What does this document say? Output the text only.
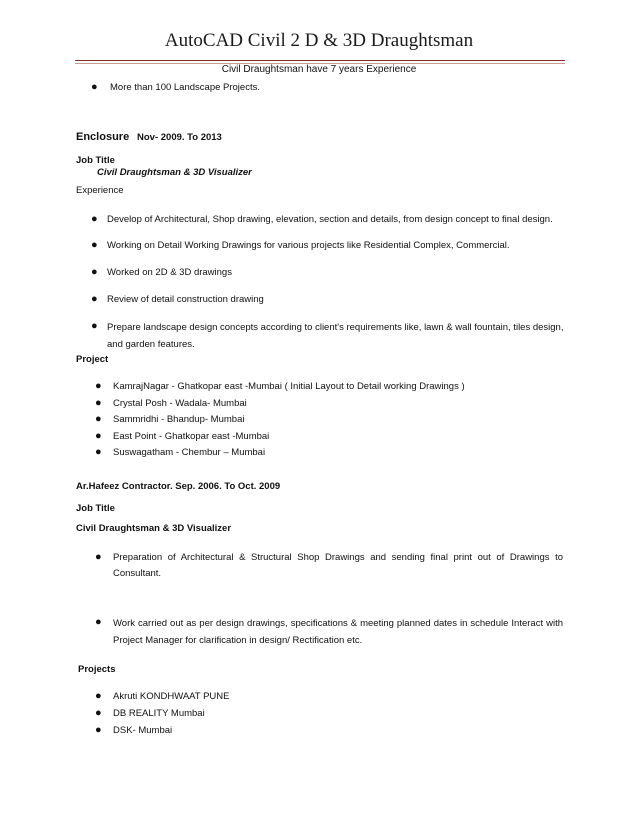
AutoCAD Civil 2 D & 3D Draughtsman
Civil Draughtsman have 7 years Experience
● More than 100 Landscape Projects.
Enclosure Nov- 2009. To 2013
Job Title
Civil Draughtsman & 3D Visualizer
Experience
● Develop of Architectural, Shop drawing, elevation, section and details, from design concept to final design.
● Working on Detail Working Drawings for various projects like Residential Complex, Commercial.
● Worked on 2D & 3D drawings
● Review of detail construction drawing
● Prepare landscape design concepts according to client's requirements like, lawn & wall fountain, tiles design, and garden features.
Project
● KamrajNagar - Ghatkopar east -Mumbai ( Initial Layout to Detail working Drawings )
● Crystal Posh - Wadala- Mumbai
● Sammridhi - Bhandup- Mumbai
● East Point - Ghatkopar east -Mumbai
● Suswagatham - Chembur – Mumbai
Ar.Hafeez Contractor. Sep. 2006. To Oct. 2009
Job Title
Civil Draughtsman & 3D Visualizer
● Preparation of Architectural & Structural Shop Drawings and sending final print out of Drawings to Consultant.
● Work carried out as per design drawings, specifications & meeting planned dates in schedule Interact with Project Manager for clarification in design/ Rectification etc.
Projects
● Akruti KONDHWAAT PUNE
● DB REALITY Mumbai
● DSK- Mumbai
